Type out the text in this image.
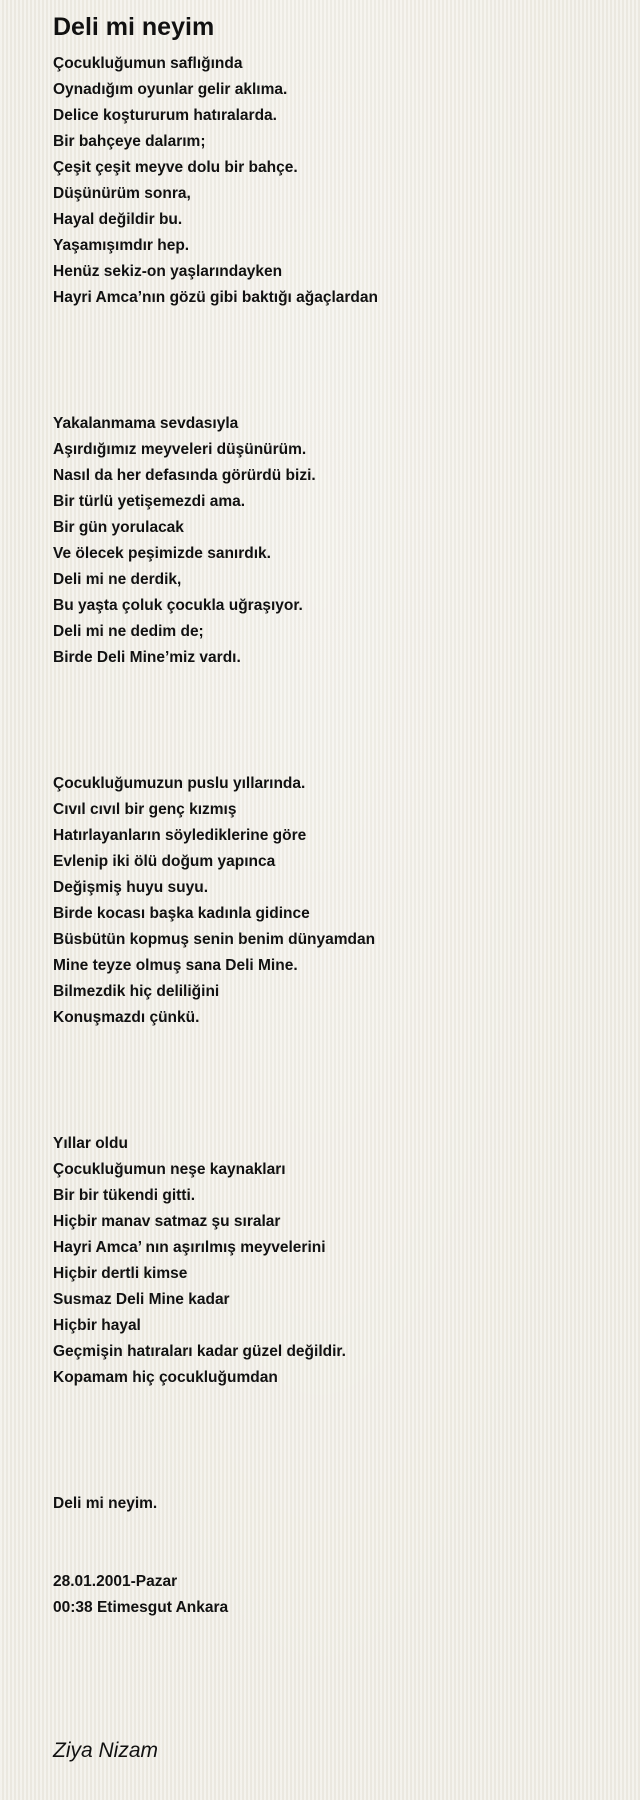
Deli mi neyim
Çocukluğumun saflığında
Oynadığım oyunlar gelir aklıma.
Delice koştururum hatıralarda.
Bir bahçeye dalarım;
Çeşit çeşit meyve dolu bir bahçe.
Düşünürüm sonra,
Hayal değildir bu.
Yaşamışımdır hep.
Henüz sekiz-on yaşlarındayken
Hayri Amca’nın gözü gibi baktığı ağaçlardan
Yakalanmama sevdasıyla
Aşırdığımız meyveleri düşünürüm.
Nasıl da her defasında görürdü bizi.
Bir türlü yetişemezdi ama.
Bir gün yorulacak
Ve ölecek peşimizde sanırdık.
Deli mi ne derdik,
Bu yaşta çoluk çocukla uğraşıyor.
Deli mi ne dedim de;
Birde Deli Mine’miz vardı.
Çocukluğumuzun puslu yıllarında.
Cıvıl cıvıl bir genç kızmış
Hatırlayanların söylediklerine göre
Evlenip iki ölü doğum yapınca
Değişmiş huyu suyu.
Birde kocası başka kadınla gidince
Büsbütün kopmuş senin benim dünyamdan
Mine teyze olmuş sana Deli Mine.
Bilmezdik hiç deliliğini
Konuşmazdı çünkü.
Yıllar oldu
Çocukluğumun neşe kaynakları
Bir bir tükendi gitti.
Hiçbir manav satmaz şu sıralar
Hayri Amca’ nın aşırılmış meyvelerini
Hiçbir dertli kimse
Susmaz Deli Mine kadar
Hiçbir hayal
Geçmişin hatıraları kadar güzel değildir.
Kopamam hiç çocukluğumdan
Deli mi neyim.
28.01.2001-Pazar
00:38 Etimesgut Ankara

Ziya Nizam
